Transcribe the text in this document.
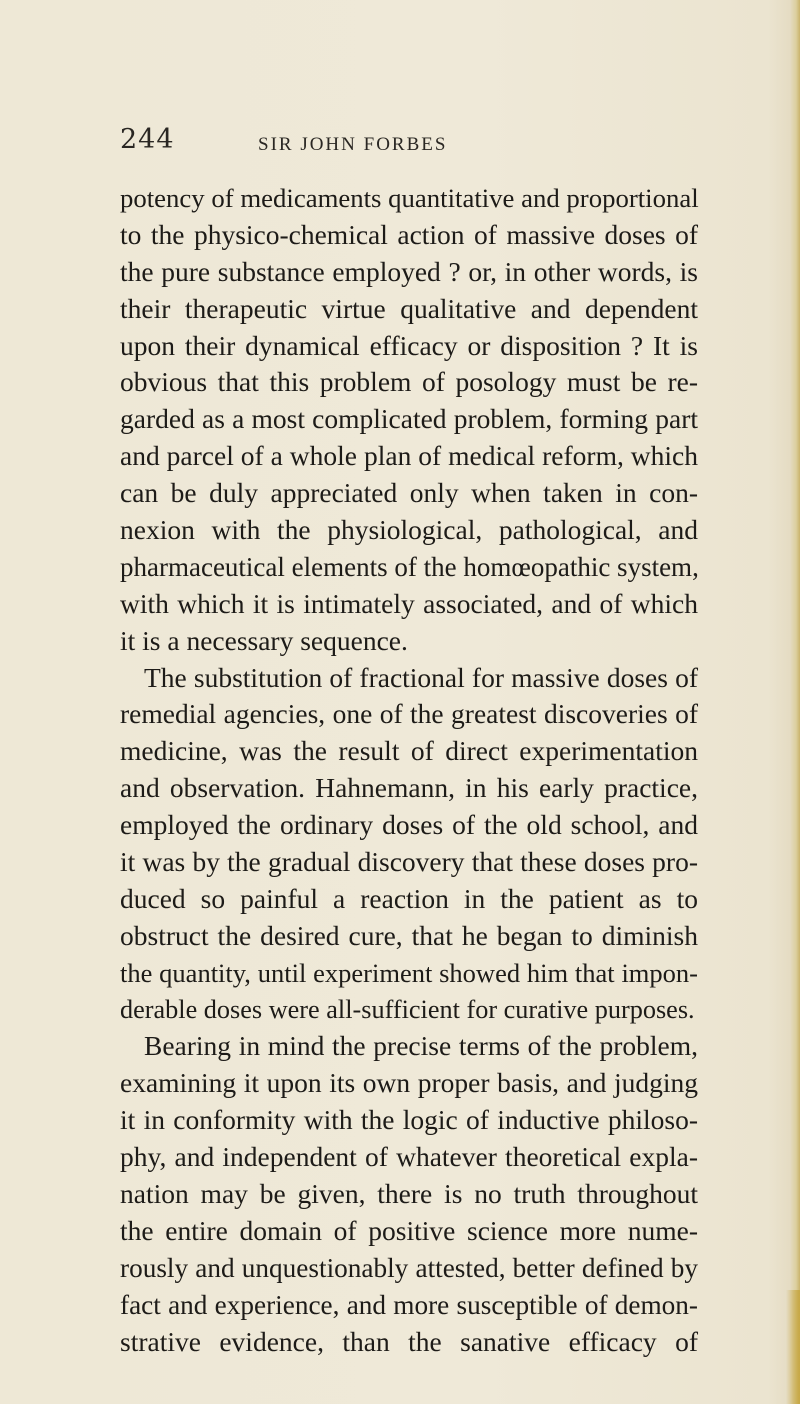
244	SIR JOHN FORBES
potency of medicaments quantitative and proportional
to the physico-chemical action of massive doses of
the pure substance employed ? or, in other words, is
their therapeutic virtue qualitative and dependent
upon their dynamical efficacy or disposition ? It is
obvious that this problem of posology must be re-
garded as a most complicated problem, forming part
and parcel of a whole plan of medical reform, which
can be duly appreciated only when taken in con-
nexion with the physiological, pathological, and
pharmaceutical elements of the homœopathic system,
with which it is intimately associated, and of which
it is a necessary sequence.
The substitution of fractional for massive doses of
remedial agencies, one of the greatest discoveries of
medicine, was the result of direct experimentation
and observation. Hahnemann, in his early practice,
employed the ordinary doses of the old school, and
it was by the gradual discovery that these doses pro-
duced so painful a reaction in the patient as to
obstruct the desired cure, that he began to diminish
the quantity, until experiment showed him that impon-
derable doses were all-sufficient for curative purposes.
Bearing in mind the precise terms of the problem,
examining it upon its own proper basis, and judging
it in conformity with the logic of inductive philoso-
phy, and independent of whatever theoretical expla-
nation may be given, there is no truth throughout
the entire domain of positive science more nume-
rously and unquestionably attested, better defined by
fact and experience, and more susceptible of demon-
strative evidence, than the sanative efficacy of
